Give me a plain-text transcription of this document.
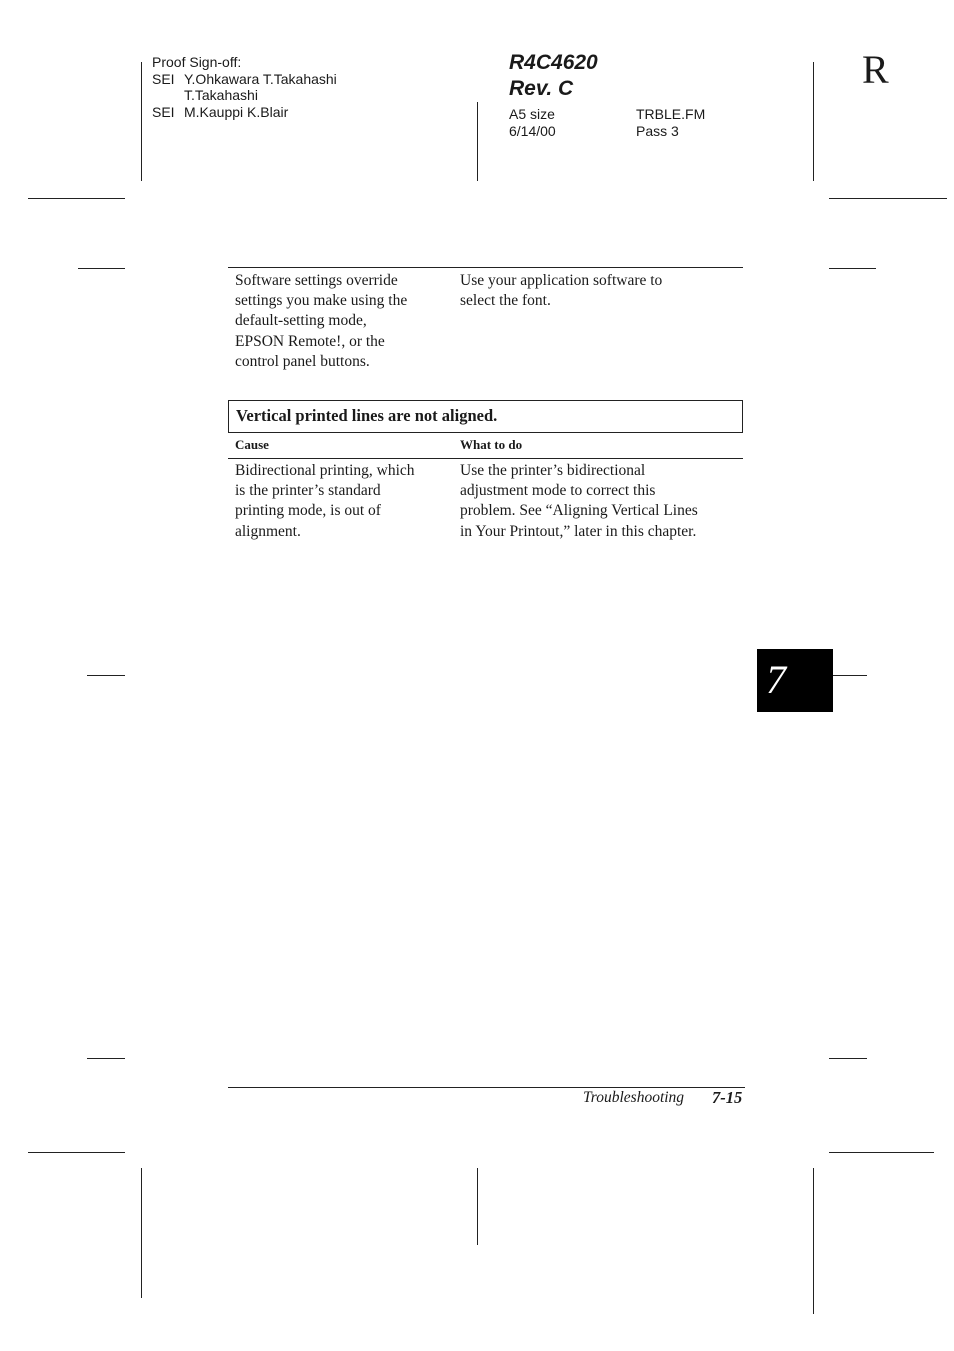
Proof Sign-off:
SEI Y.Ohkawara T.Takahashi
T.Takahashi
SEI M.Kauppi K.Blair
R4C4620
Rev. C
A5 size
6/14/00
TRBLE.FM
Pass 3
R
Software settings override
settings you make using the
default-setting mode,
EPSON Remote!, or the
control panel buttons.
Use your application software to
select the font.
Vertical printed lines are not aligned.
Cause	What to do
Bidirectional printing, which
is the printer’s standard
printing mode, is out of
alignment.
Use the printer’s bidirectional
adjustment mode to correct this
problem. See “Aligning Vertical Lines
in Your Printout,” later in this chapter.
7
Troubleshooting 7-15
